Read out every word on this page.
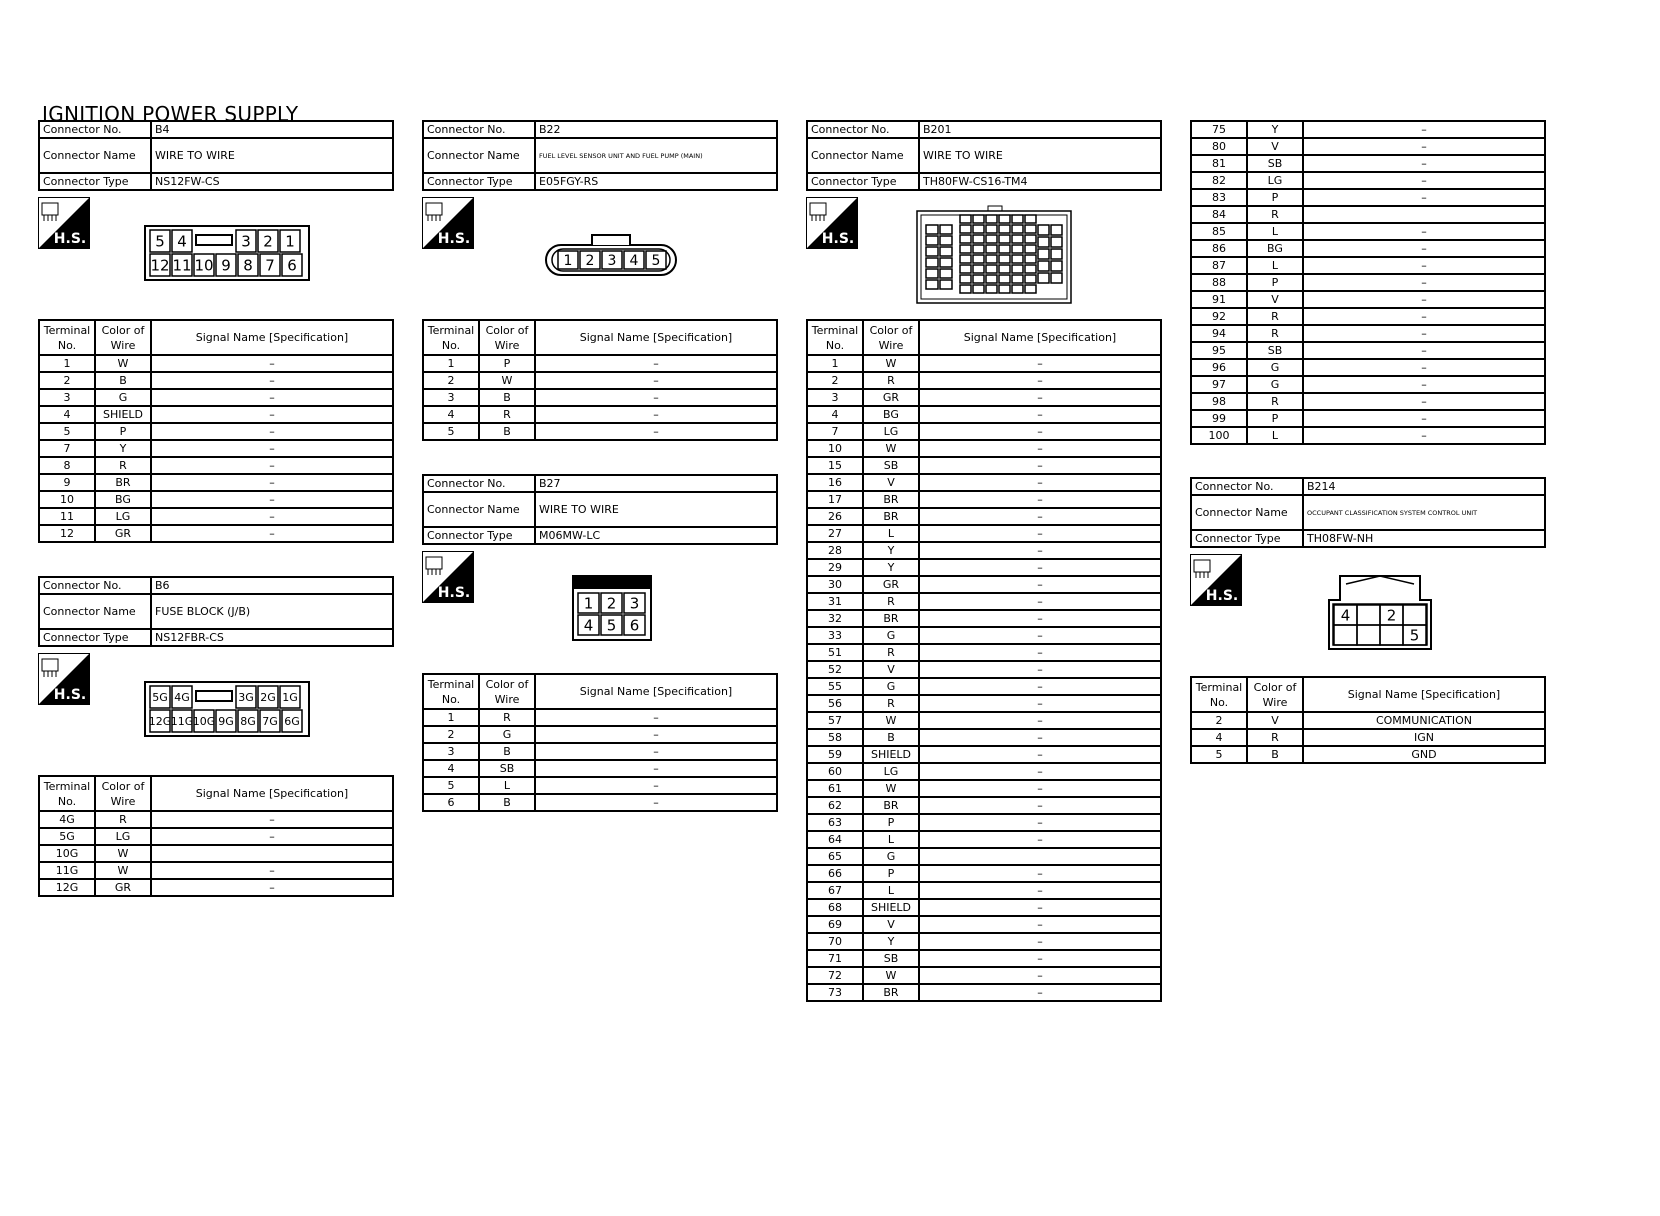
IGNITION POWER SUPPLY
Connector No.	B4
Connector Name	WIRE TO WIRE
Connector Type	NS12FW-CS
H.S.	5 4	3 2 1
12 11 10 9 8 7 6
Terminal No.	Color of Wire	Signal Name [Specification]
1	W	–
2	B	–
3	G	–
4	SHIELD	–
5	P	–
7	Y	–
8	R	–
9	BR	–
10	BG	–
11	LG	–
12	GR	–
Connector No.	B6
Connector Name	FUSE BLOCK (J/B)
Connector Type	NS12FBR-CS
H.S.	5G 4G	3G 2G 1G
12G 11G 10G 9G 8G 7G 6G
Terminal No.	Color of Wire	Signal Name [Specification]
4G	R	–
5G	LG	–
10G	W	
11G	W	–
12G	GR	–
Connector No.	B22
Connector Name	FUEL LEVEL SENSOR UNIT AND FUEL PUMP (MAIN)
Connector Type	E05FGY-RS
H.S.
1 2 3 4 5
Terminal No.	Color of Wire	Signal Name [Specification]
1	P	–
2	W	–
3	B	–
4	R	–
5	B	–
Connector No.	B27
Connector Name	WIRE TO WIRE
Connector Type	M06MW-LC
H.S.
1 2 3
4 5 6
Terminal No.	Color of Wire	Signal Name [Specification]
1	R	–
2	G	–
3	B	–
4	SB	–
5	L	–
6	B	–
Connector No.	B201
Connector Name	WIRE TO WIRE
Connector Type	TH80FW-CS16-TM4
H.S.
Terminal No.	Color of Wire	Signal Name [Specification]
1	W	–
2	R	–
3	GR	–
4	BG	–
7	LG	–
10	W	–
15	SB	–
16	V	–
17	BR	–
26	BR	–
27	L	–
28	Y	–
29	Y	–
30	GR	–
31	R	–
32	BR	–
33	G	–
51	R	–
52	V	–
55	G	–
56	R	–
57	W	–
58	B	–
59	SHIELD	–
60	LG	–
61	W	–
62	BR	–
63	P	–
64	L	–
65	G	
66	P	–
67	L	–
68	SHIELD	–
69	V	–
70	Y	–
71	SB	–
72	W	–
73	BR	–
75	Y	–
80	V	–
81	SB	–
82	LG	–
83	P	–
84	R	
85	L	–
86	BG	–
87	L	–
88	P	–
91	V	–
92	R	–
94	R	–
95	SB	–
96	G	–
97	G	–
98	R	–
99	P	–
100	L	–
Connector No.	B214
Connector Name	OCCUPANT CLASSIFICATION SYSTEM CONTROL UNIT
Connector Type	TH08FW-NH
H.S.
4 2
5
Terminal No.	Color of Wire	Signal Name [Specification]
2	V	COMMUNICATION
4	R	IGN
5	B	GND
